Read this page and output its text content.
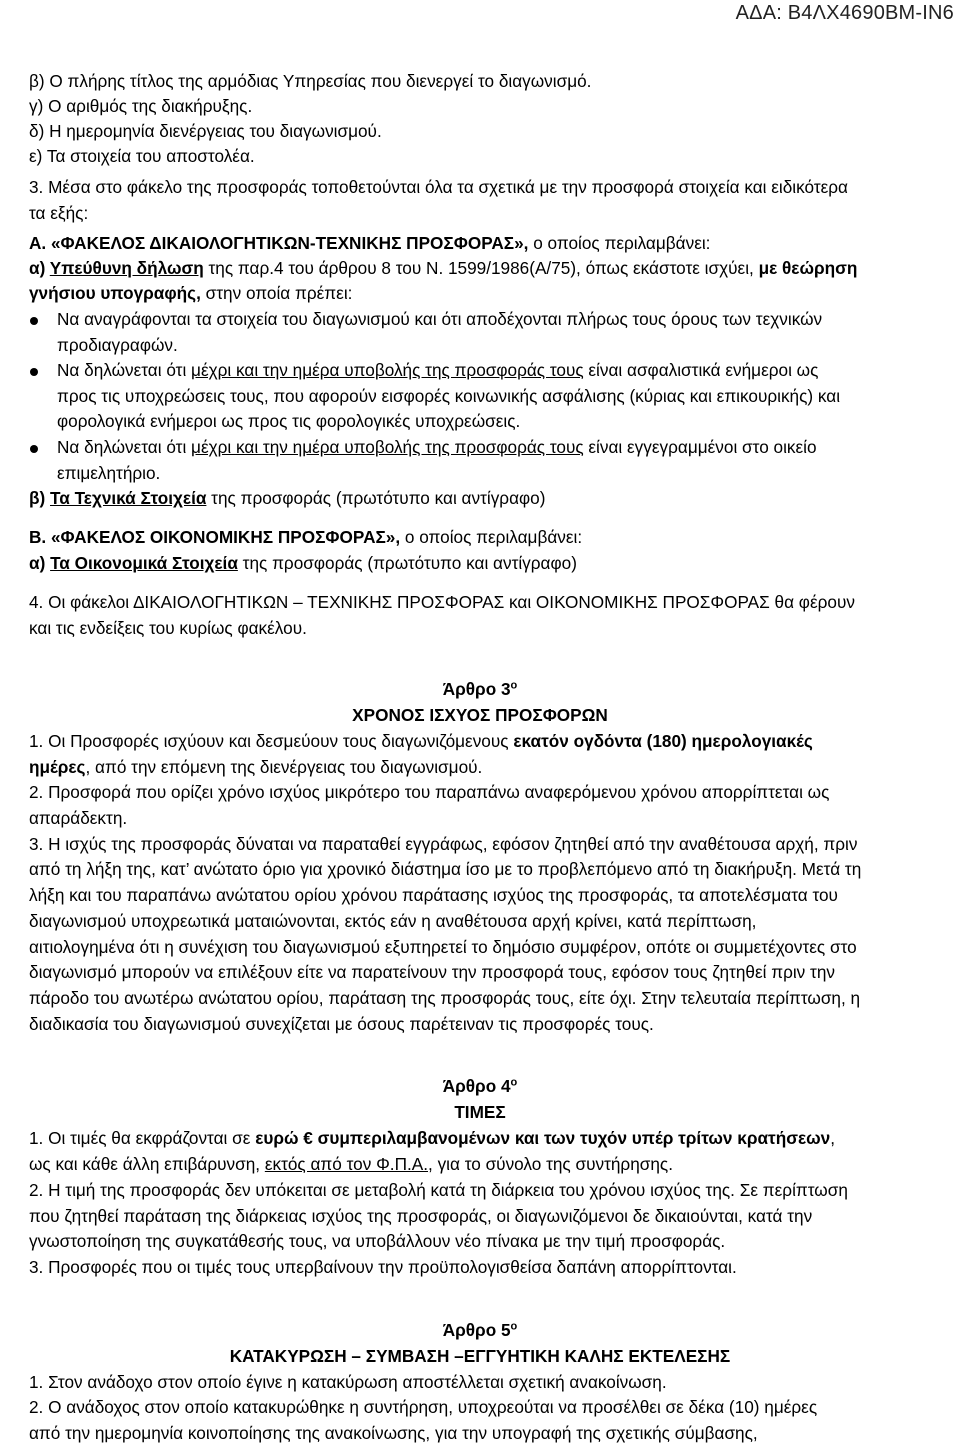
ΑΔΑ: Β4ΛΧ4690ΒΜ-ΙΝ6
β) Ο πλήρης τίτλος της αρμόδιας Υπηρεσίας που διενεργεί το διαγωνισμό.
γ) Ο αριθμός της διακήρυξης.
δ) Η ημερομηνία διενέργειας του διαγωνισμού.
ε) Τα στοιχεία του αποστολέα.
3. Μέσα στο φάκελο της προσφοράς τοποθετούνται όλα τα σχετικά με την προσφορά στοιχεία και ειδικότερα
τα εξής:
Α. «ΦΑΚΕΛΟΣ ΔΙΚΑΙΟΛΟΓΗΤΙΚΩΝ-ΤΕΧΝΙΚΗΣ ΠΡΟΣΦΟΡΑΣ», ο οποίος περιλαμβάνει:
α) Υπεύθυνη δήλωση της παρ.4 του άρθρου 8 του Ν. 1599/1986(Α/75), όπως εκάστοτε ισχύει, με θεώρηση
γνήσιου υπογραφής, στην οποία πρέπει:
Να αναγράφονται τα στοιχεία του διαγωνισμού και ότι αποδέχονται πλήρως τους όρους των τεχνικών
προδιαγραφών.
Να δηλώνεται ότι μέχρι και την ημέρα υποβολής της προσφοράς τους είναι ασφαλιστικά ενήμεροι ως
προς τις υποχρεώσεις τους, που αφορούν εισφορές κοινωνικής ασφάλισης (κύριας και επικουρικής) και
φορολογικά ενήμεροι ως προς τις φορολογικές υποχρεώσεις.
Να δηλώνεται ότι μέχρι και την ημέρα υποβολής της προσφοράς τους είναι εγγεγραμμένοι στο οικείο
επιμελητήριο.
β) Τα Τεχνικά Στοιχεία της προσφοράς (πρωτότυπο και αντίγραφο)
Β. «ΦΑΚΕΛΟΣ ΟΙΚΟΝΟΜΙΚΗΣ ΠΡΟΣΦΟΡΑΣ», ο οποίος περιλαμβάνει:
α) Τα Οικονομικά Στοιχεία της προσφοράς (πρωτότυπο και αντίγραφο)
4. Οι φάκελοι ΔΙΚΑΙΟΛΟΓΗΤΙΚΩΝ – ΤΕΧΝΙΚΗΣ ΠΡΟΣΦΟΡΑΣ και ΟΙΚΟΝΟΜΙΚΗΣ ΠΡΟΣΦΟΡΑΣ θα φέρουν
και τις ενδείξεις του κυρίως φακέλου.
Άρθρο $3^o$
ΧΡΟΝΟΣ ΙΣΧΥΟΣ ΠΡΟΣΦΟΡΩΝ
1. Οι Προσφορές ισχύουν και δεσμεύουν τους διαγωνιζόμενους εκατόν ογδόντα (180) ημερολογιακές
ημέρες, από την επόμενη της διενέργειας του διαγωνισμού.
2. Προσφορά που ορίζει χρόνο ισχύος μικρότερο του παραπάνω αναφερόμενου χρόνου απορρίπτεται ως
απαράδεκτη.
3. Η ισχύς της προσφοράς δύναται να παραταθεί εγγράφως, εφόσον ζητηθεί από την αναθέτουσα αρχή, πριν
από τη λήξη της, κατ’ ανώτατο όριο για χρονικό διάστημα ίσο με το προβλεπόμενο από τη διακήρυξη. Μετά τη
λήξη και του παραπάνω ανώτατου ορίου χρόνου παράτασης ισχύος της προσφοράς, τα αποτελέσματα του
διαγωνισμού υποχρεωτικά ματαιώνονται, εκτός εάν η αναθέτουσα αρχή κρίνει, κατά περίπτωση,
αιτιολογημένα ότι η συνέχιση του διαγωνισμού εξυπηρετεί το δημόσιο συμφέρον, οπότε οι συμμετέχοντες στο
διαγωνισμό μπορούν να επιλέξουν είτε να παρατείνουν την προσφορά τους, εφόσον τους ζητηθεί πριν την
πάροδο του ανωτέρω ανώτατου ορίου, παράταση της προσφοράς τους, είτε όχι. Στην τελευταία περίπτωση, η
διαδικασία του διαγωνισμού συνεχίζεται με όσους παρέτειναν τις προσφορές τους.
Άρθρο $4^o$
ΤΙΜΕΣ
1. Οι τιμές θα εκφράζονται σε ευρώ € συμπεριλαμβανομένων και των τυχόν υπέρ τρίτων κρατήσεων,
ως και κάθε άλλη επιβάρυνση, εκτός από τον Φ.Π.Α., για το σύνολο της συντήρησης.
2. Η τιμή της προσφοράς δεν υπόκειται σε μεταβολή κατά τη διάρκεια του χρόνου ισχύος της. Σε περίπτωση
που ζητηθεί παράταση της διάρκειας ισχύος της προσφοράς, οι διαγωνιζόμενοι δε δικαιούνται, κατά την
γνωστοποίηση της συγκατάθεσής τους, να υποβάλλουν νέο πίνακα με την τιμή προσφοράς.
3. Προσφορές που οι τιμές τους υπερβαίνουν την προϋπολογισθείσα δαπάνη απορρίπτονται.
Άρθρο $5^o$
ΚΑΤΑΚΥΡΩΣΗ – ΣΥΜΒΑΣΗ –ΕΓΓΥΗΤΙΚΗ ΚΑΛΗΣ ΕΚΤΕΛΕΣΗΣ
1. Στον ανάδοχο στον οποίο έγινε η κατακύρωση αποστέλλεται σχετική ανακοίνωση.
2. Ο ανάδοχος στον οποίο κατακυρώθηκε η συντήρηση, υποχρεούται να προσέλθει σε δέκα (10) ημέρες
από την ημερομηνία κοινοποίησης της ανακοίνωσης, για την υπογραφή της σχετικής σύμβασης,
